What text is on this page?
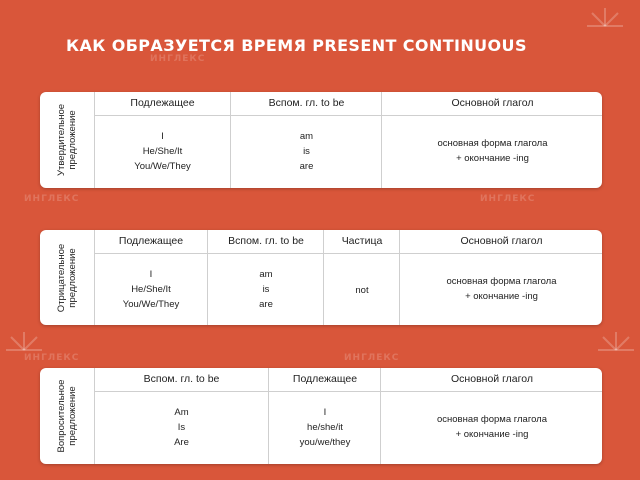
КАК ОБРАЗУЕТСЯ ВРЕМЯ PRESENT CONTINUOUS
ИНГЛЕКС
ИНГЛЕКС	ИНГЛЕКС
ИНГЛЕКС
ИНГЛЕКС
Утвердительное предложение
Подлежащее
I
He/She/It
You/We/They
Вспом. гл. to be
am
is
are
Основной глагол
основная форма глагола
+ окончание -ing
Отрицательное предложение
Подлежащее
I
He/She/It
You/We/They
Вспом. гл. to be
am
is
are
Частица
not
Основной глагол
основная форма глагола
+ окончание -ing
Вопросительное предложение
Вспом. гл. to be
Am
Is
Are
Подлежащее
I
he/she/it
you/we/they
Основной глагол
основная форма глагола
+ окончание -ing
